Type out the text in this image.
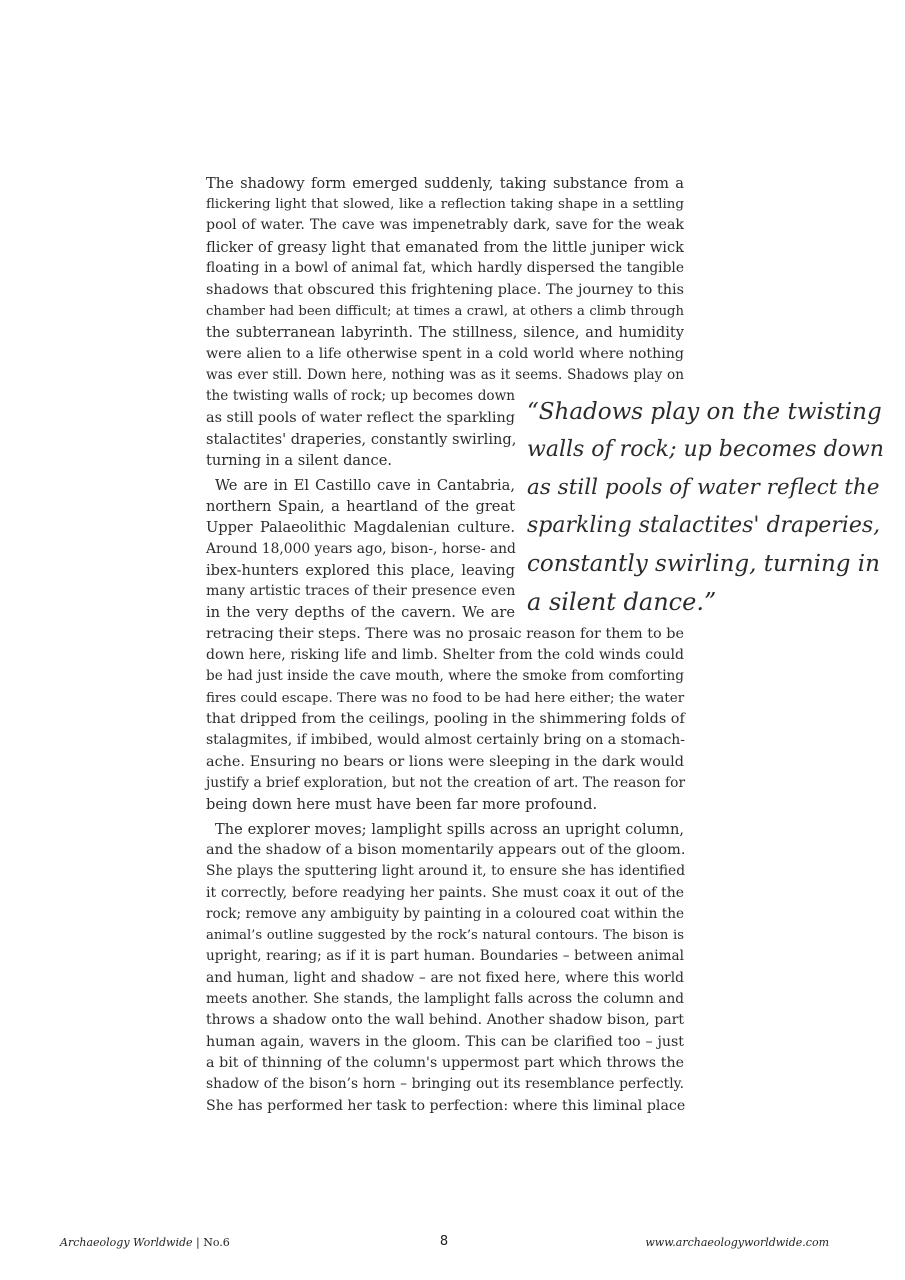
The shadowy form emerged suddenly, taking substance from a
flickering light that slowed, like a reflection taking shape in a settling
pool of water. The cave was impenetrably dark, save for the weak
flicker of greasy light that emanated from the little juniper wick
floating in a bowl of animal fat, which hardly dispersed the tangible
shadows that obscured this frightening place. The journey to this
chamber had been difficult; at times a crawl, at others a climb through
the subterranean labyrinth. The stillness, silence, and humidity
were alien to a life otherwise spent in a cold world where nothing
was ever still. Down here, nothing was as it seems. Shadows play on
the twisting walls of rock; up becomes down
as still pools of water reflect the sparkling
stalactites' draperies, constantly swirling,
turning in a silent dance.
We are in El Castillo cave in Cantabria,
northern Spain, a heartland of the great
Upper Palaeolithic Magdalenian culture.
Around 18,000 years ago, bison-, horse- and
ibex-hunters explored this place, leaving
many artistic traces of their presence even
in the very depths of the cavern. We are
retracing their steps. There was no prosaic reason for them to be
down here, risking life and limb. Shelter from the cold winds could
be had just inside the cave mouth, where the smoke from comforting
fires could escape. There was no food to be had here either; the water
that dripped from the ceilings, pooling in the shimmering folds of
stalagmites, if imbibed, would almost certainly bring on a stomach-
ache. Ensuring no bears or lions were sleeping in the dark would
justify a brief exploration, but not the creation of art. The reason for
being down here must have been far more profound.
The explorer moves; lamplight spills across an upright column,
and the shadow of a bison momentarily appears out of the gloom.
She plays the sputtering light around it, to ensure she has identified
it correctly, before readying her paints. She must coax it out of the
rock; remove any ambiguity by painting in a coloured coat within the
animal’s outline suggested by the rock’s natural contours. The bison is
upright, rearing; as if it is part human. Boundaries – between animal
and human, light and shadow – are not fixed here, where this world
meets another. She stands, the lamplight falls across the column and
throws a shadow onto the wall behind. Another shadow bison, part
human again, wavers in the gloom. This can be clarified too – just
a bit of thinning of the column's uppermost part which throws the
shadow of the bison’s horn – bringing out its resemblance perfectly.
She has performed her task to perfection: where this liminal place
“Shadows play on the twisting
walls of rock; up becomes down
as still pools of water reflect the
sparkling stalactites' draperies,
constantly swirling, turning in
a silent dance.”
Archaeology Worldwide | No.6	8	www.archaeologyworldwide.com
